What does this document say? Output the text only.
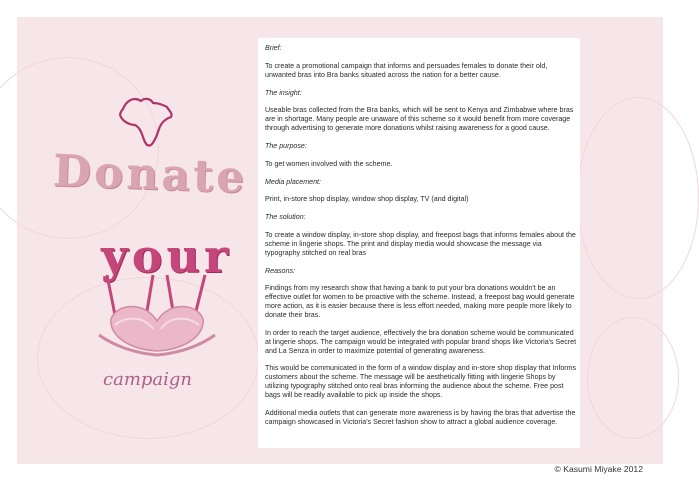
Donate
your
campaign
© Kasumi Miyake 2012

Brief:

To create a promotional campaign that informs and persuades females to donate their old, unwanted bras into Bra banks situated across the nation for a better cause.

The insight:

Useable bras collected from the Bra banks, which will be sent to Kenya and Zimbabwe where bras are in shortage. Many people are unaware of this scheme so it would benefit from more coverage through advertising to generate more donations whilst raising awareness for a good cause.

The purpose:

To get women involved with the scheme.

Media placement:

Print, in-store shop display, window shop display, TV (and digital)

The solution:

To create a window display, in-store shop display, and freepost bags that informs females about the scheme in lingerie shops. The print and display media would showcase the message via typography stitched on real bras

Reasons:

Findings from my research show that having a bank to put your bra donations wouldn't be an effective outlet for women to be proactive with the scheme. Instead, a freepost bag would generate more action, as it is easier because there is less effort needed, making more people more likely to donate their bras.

In order to reach the target audience, effectively the bra donation scheme would be communicated at lingerie shops. The campaign would be integrated with popular brand shops like Victoria's Secret and La Senza in order to maximize potential of generating awareness.

This would be communicated in the form of a window display and in-store shop display that Informs customers about the scheme. The message will be aesthetically fitting with lingerie Shops by utilizing typography stitched onto real bras informing the audience about the scheme. Free post bags will be readily available to pick up inside the shops.

Additional media outlets that can generate more awareness is by having the bras that advertise the campaign showcased in Victoria's Secret fashion show to attract a global audience coverage.
